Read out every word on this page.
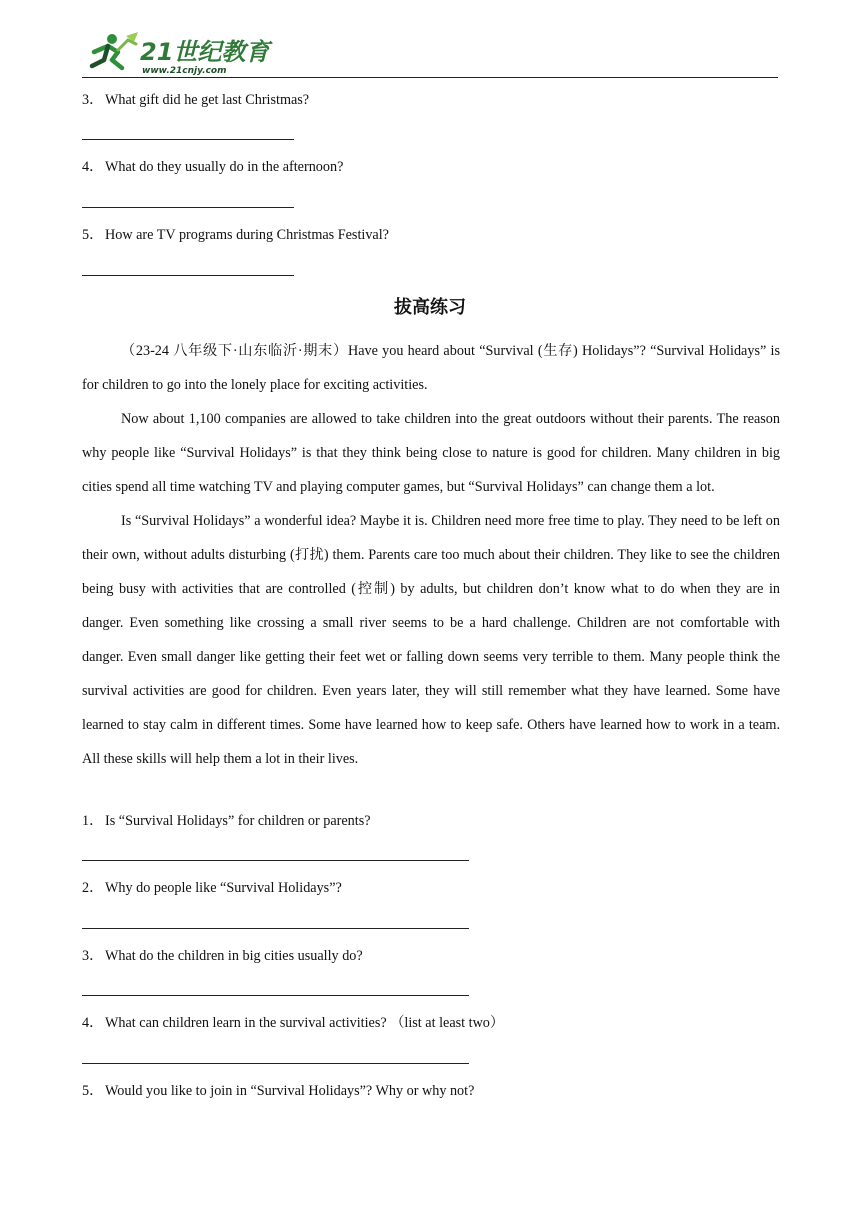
21世纪教育
www.21cnjy.com
3． What gift did he get last Christmas?
4． What do they usually do in the afternoon?
5． How are TV programs during Christmas Festival?
拔高练习

（23-24 八年级下·山东临沂·期末）Have you heard about “Survival (生存) Holidays”? “Survival Holidays” is for children to go into the lonely place for exciting activities.

Now about 1,100 companies are allowed to take children into the great outdoors without their parents. The reason why people like “Survival Holidays” is that they think being close to nature is good for children. Many children in big cities spend all time watching TV and playing computer games, but “Survival Holidays” can change them a lot.

Is “Survival Holidays” a wonderful idea? Maybe it is. Children need more free time to play. They need to be left on their own, without adults disturbing (打扰) them. Parents care too much about their children. They like to see the children being busy with activities that are controlled (控制) by adults, but children don’t know what to do when they are in danger. Even something like crossing a small river seems to be a hard challenge. Children are not comfortable with danger. Even small danger like getting their feet wet or falling down seems very terrible to them. Many people think the survival activities are good for children. Even years later, they will still remember what they have learned. Some have learned to stay calm in different times. Some have learned how to keep safe. Others have learned how to work in a team. All these skills will help them a lot in their lives.

1． Is “Survival Holidays” for children or parents?
2． Why do people like “Survival Holidays”?
3． What do the children in big cities usually do?
4． What can children learn in the survival activities? （list at least two）
5． Would you like to join in “Survival Holidays”? Why or why not?
